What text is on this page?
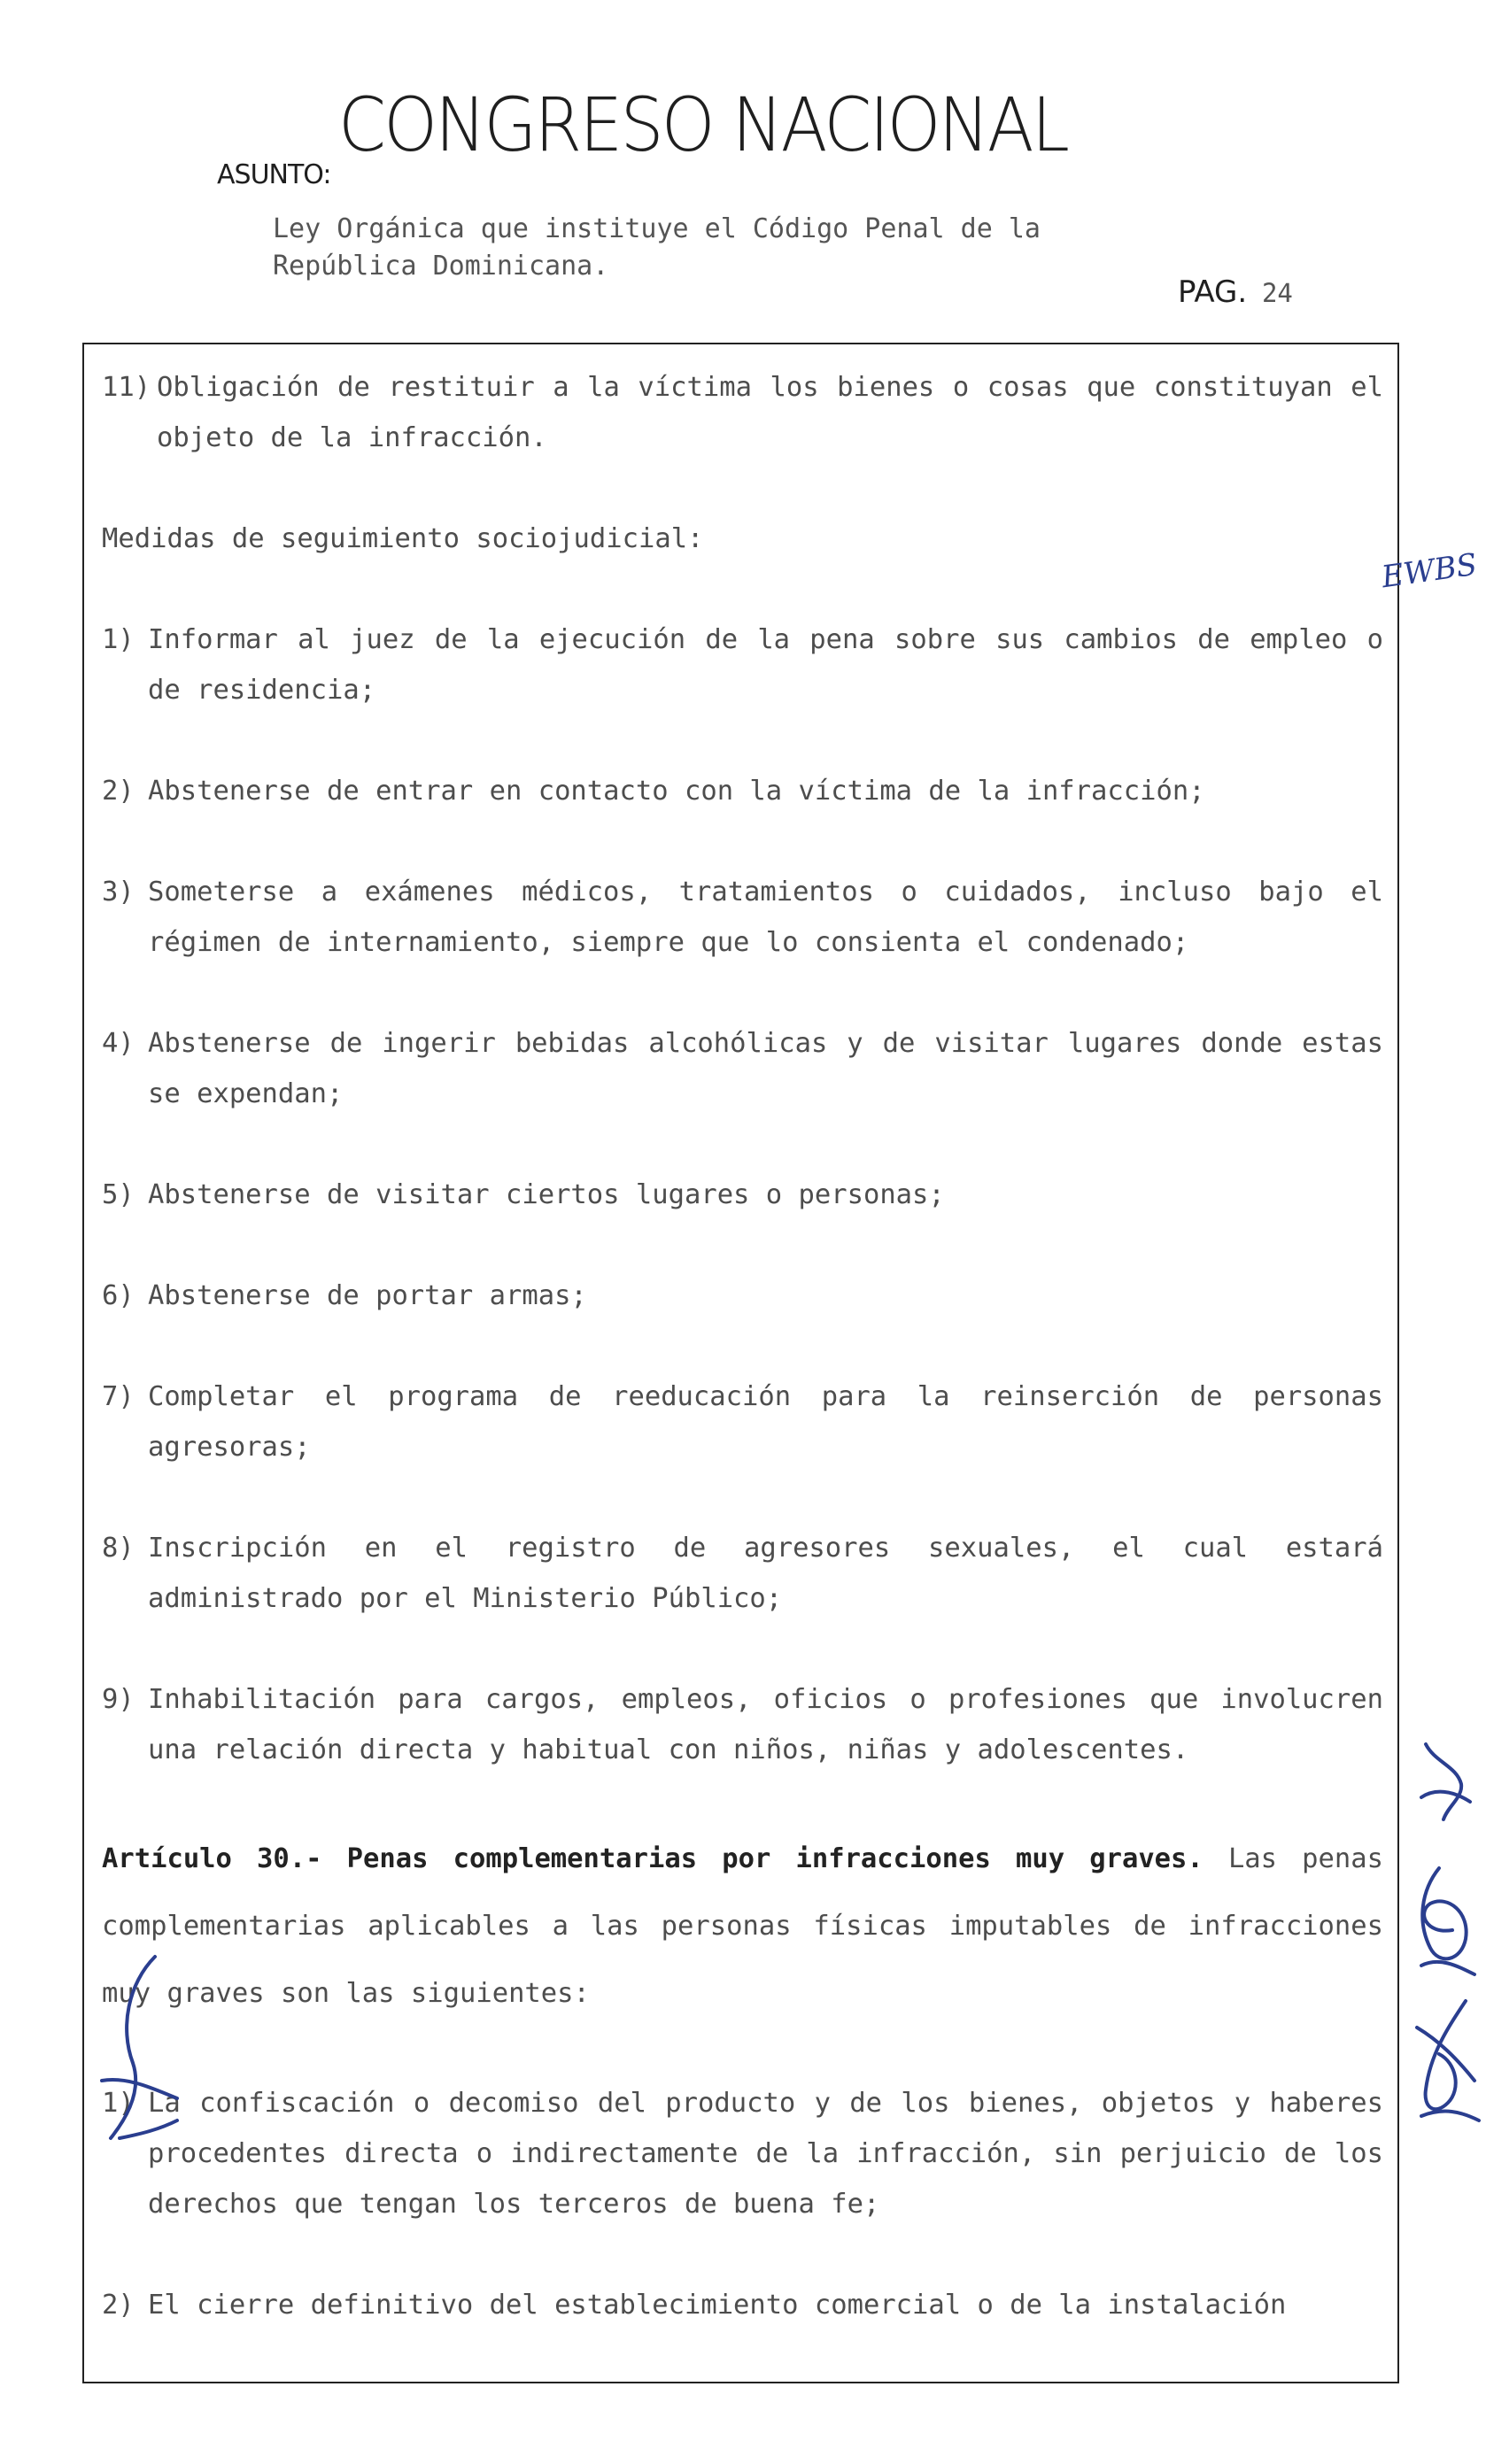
CONGRESO NACIONAL
ASUNTO:
Ley Orgánica que instituye el Código Penal de la
República Dominicana.
PAG. 24
11) Obligación de restituir a la víctima los bienes o cosas que constituyan el objeto de la infracción.
Medidas de seguimiento sociojudicial:
1) Informar al juez de la ejecución de la pena sobre sus cambios de empleo o de residencia;
2) Abstenerse de entrar en contacto con la víctima de la infracción;
3) Someterse a exámenes médicos, tratamientos o cuidados, incluso bajo el régimen de internamiento, siempre que lo consienta el condenado;
4) Abstenerse de ingerir bebidas alcohólicas y de visitar lugares donde estas se expendan;
5) Abstenerse de visitar ciertos lugares o personas;
6) Abstenerse de portar armas;
7) Completar el programa de reeducación para la reinserción de personas agresoras;
8) Inscripción en el registro de agresores sexuales, el cual estará administrado por el Ministerio Público;
9) Inhabilitación para cargos, empleos, oficios o profesiones que involucren una relación directa y habitual con niños, niñas y adolescentes.
Artículo 30.- Penas complementarias por infracciones muy graves. Las penas complementarias aplicables a las personas físicas imputables de infracciones muy graves son las siguientes:
1) La confiscación o decomiso del producto y de los bienes, objetos y haberes procedentes directa o indirectamente de la infracción, sin perjuicio de los derechos que tengan los terceros de buena fe;
2) El cierre definitivo del establecimiento comercial o de la instalación
EWBS
